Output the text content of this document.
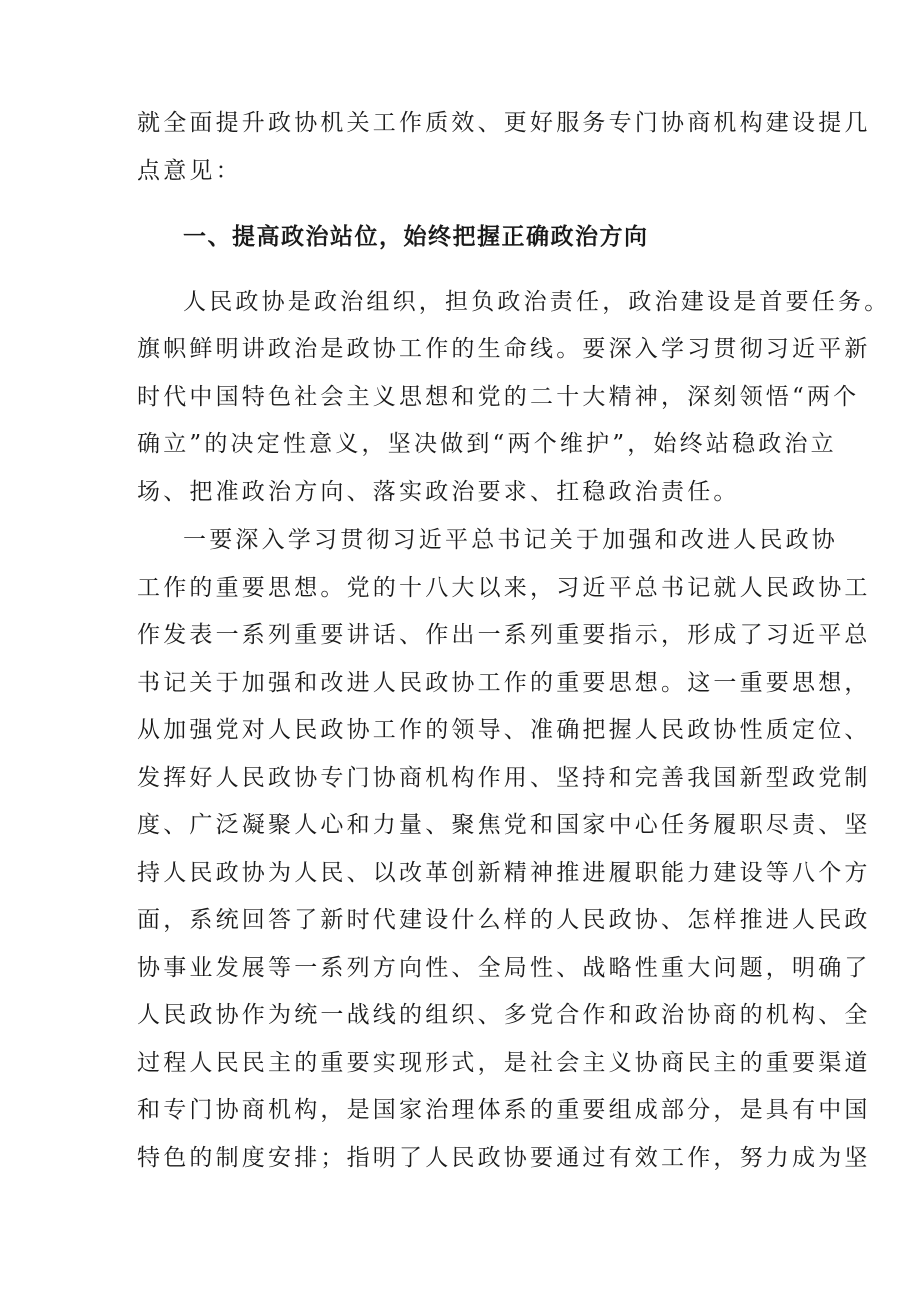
就全面提升政协机关工作质效、更好服务专门协商机构建设提几
点意见：
一、提高政治站位，始终把握正确政治方向
人民政协是政治组织，担负政治责任，政治建设是首要任务。
旗帜鲜明讲政治是政协工作的生命线。要深入学习贯彻习近平新
时代中国特色社会主义思想和党的二十大精神，深刻领悟“两个
确立”的决定性意义，坚决做到“两个维护”，始终站稳政治立
场、把准政治方向、落实政治要求、扛稳政治责任。
一要深入学习贯彻习近平总书记关于加强和改进人民政协
工作的重要思想。党的十八大以来，习近平总书记就人民政协工
作发表一系列重要讲话、作出一系列重要指示，形成了习近平总
书记关于加强和改进人民政协工作的重要思想。这一重要思想，
从加强党对人民政协工作的领导、准确把握人民政协性质定位、
发挥好人民政协专门协商机构作用、坚持和完善我国新型政党制
度、广泛凝聚人心和力量、聚焦党和国家中心任务履职尽责、坚
持人民政协为人民、以改革创新精神推进履职能力建设等八个方
面，系统回答了新时代建设什么样的人民政协、怎样推进人民政
协事业发展等一系列方向性、全局性、战略性重大问题，明确了
人民政协作为统一战线的组织、多党合作和政治协商的机构、全
过程人民民主的重要实现形式，是社会主义协商民主的重要渠道
和专门协商机构，是国家治理体系的重要组成部分，是具有中国
特色的制度安排；指明了人民政协要通过有效工作，努力成为坚
